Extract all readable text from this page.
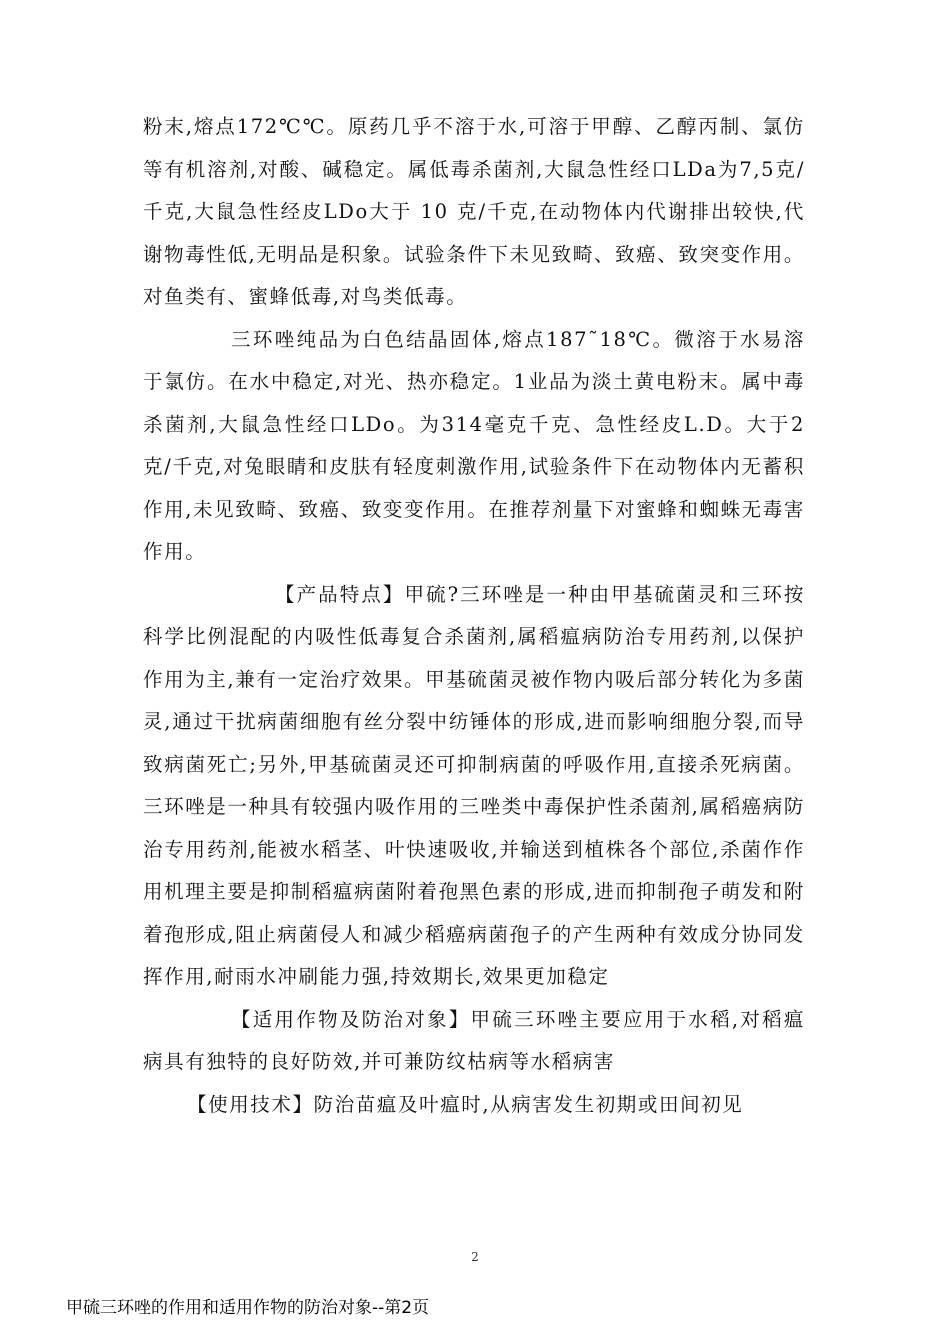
粉末,熔点172℃℃。原药几乎不溶于水,可溶于甲醇、乙醇丙制、氯仿等有机溶剂,对酸、碱稳定。属低毒杀菌剂,大鼠急性经口LDa为7,5克/千克,大鼠急性经皮LDo大于 10 克/千克,在动物体内代谢排出较快,代谢物毒性低,无明品是积象。试验条件下未见致畸、致癌、致突变作用。对鱼类有、蜜蜂低毒,对鸟类低毒。

三环唑纯品为白色结晶固体,熔点187˜18℃。微溶于水易溶于氯仿。在水中稳定,对光、热亦稳定。1业品为淡土黄电粉末。属中毒杀菌剂,大鼠急性经口LDo。为314毫克千克、急性经皮L.D。大于2克/千克,对兔眼睛和皮肤有轻度刺激作用,试验条件下在动物体内无蓄积作用,未见致畸、致癌、致变变作用。在推荐剂量下对蜜蜂和蜘蛛无毒害作用。

【产品特点】甲硫?三环唑是一种由甲基硫菌灵和三环按科学比例混配的内吸性低毒复合杀菌剂,属稻瘟病防治专用药剂,以保护作用为主,兼有一定治疗效果。甲基硫菌灵被作物内吸后部分转化为多菌灵,通过干扰病菌细胞有丝分裂中纺锤体的形成,进而影响细胞分裂,而导致病菌死亡;另外,甲基硫菌灵还可抑制病菌的呼吸作用,直接杀死病菌。三环唑是一种具有较强内吸作用的三唑类中毒保护性杀菌剂,属稻癌病防治专用药剂,能被水稻茎、叶快速吸收,并输送到植株各个部位,杀菌作作用机理主要是抑制稻瘟病菌附着孢黑色素的形成,进而抑制孢子萌发和附着孢形成,阻止病菌侵人和减少稻癌病菌孢子的产生两种有效成分协同发挥作用,耐雨水冲刷能力强,持效期长,效果更加稳定

【适用作物及防治对象】甲硫三环唑主要应用于水稻,对稻瘟病具有独特的良好防效,并可兼防纹枯病等水稻病害

【使用技术】防治苗瘟及叶瘟时,从病害发生初期或田间初见

2
甲硫三环唑的作用和适用作物的防治对象--第2页
